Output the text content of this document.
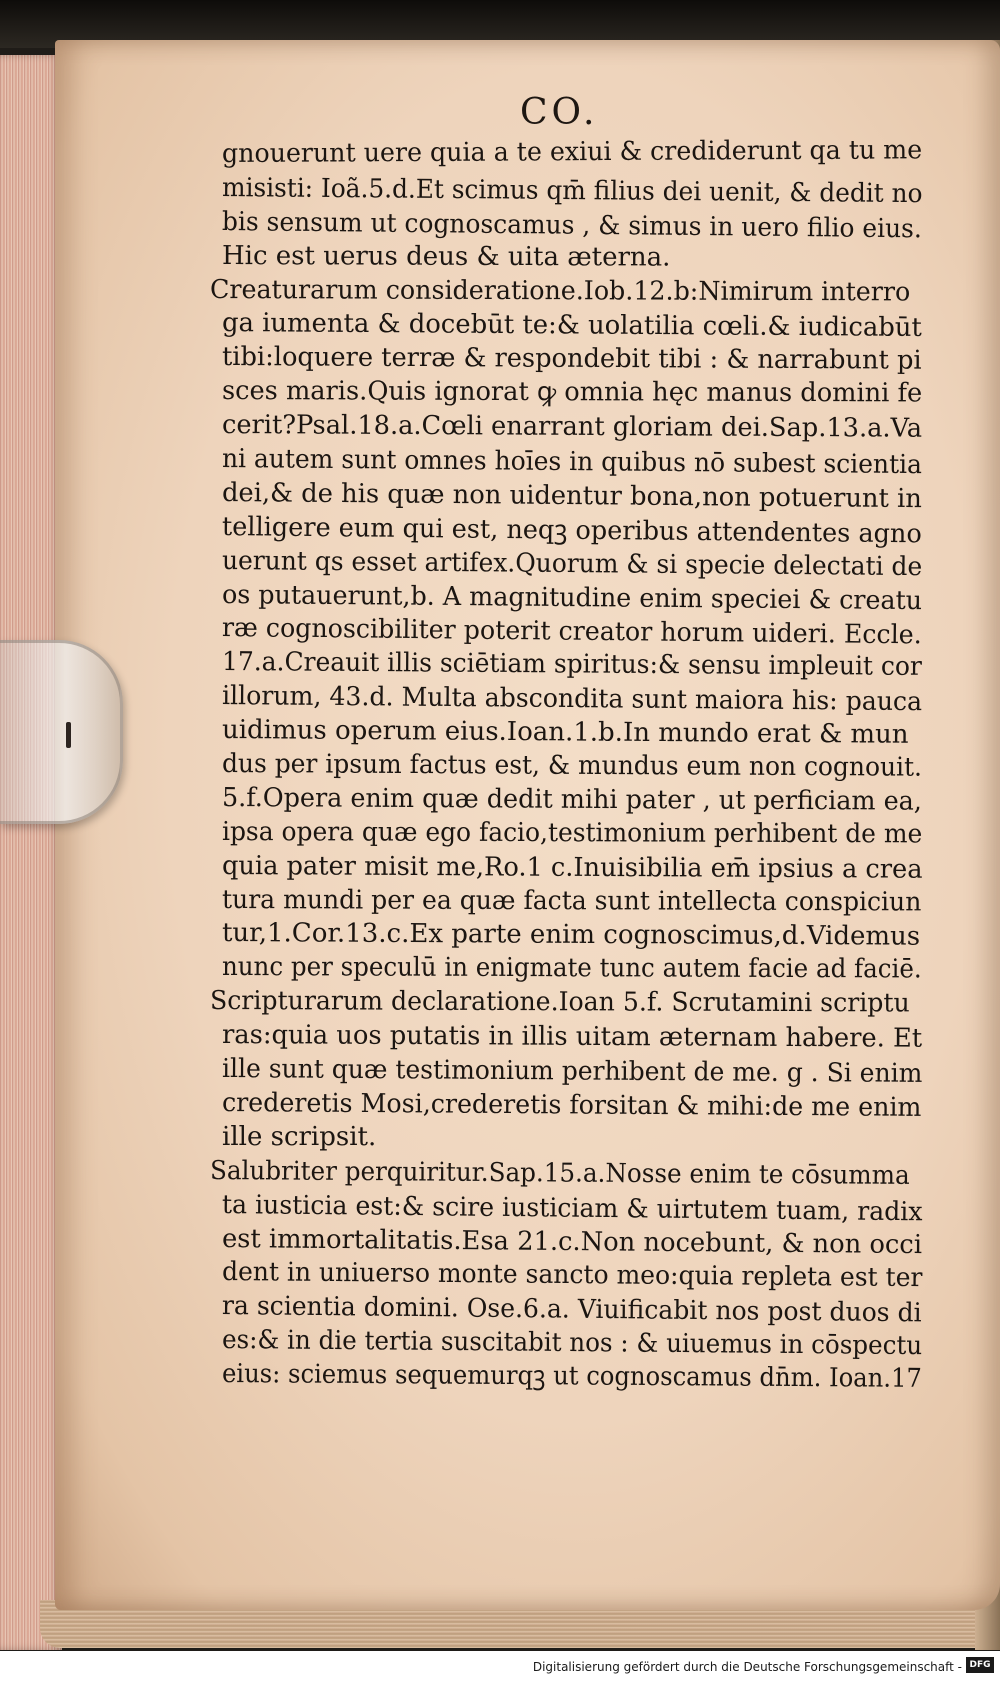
CO.
gnouerunt uere quia a te exiui & crediderunt qa tu me
misisti: Ioã.5.d.Et scimus qm̄ filius dei uenit, & dedit no
bis sensum ut cognoscamus , & simus in uero filio eius.
Hic est uerus deus & uita æterna.
Creaturarum consideratione.Iob.12.b:Nimirum interro
ga iumenta & docebūt te:& uolatilia cœli.& iudicabūt
tibi:loquere terræ & respondebit tibi : & narrabunt pi
sces maris.Quis ignorat ꝙ omnia hęc manus domini fe
cerit?Psal.18.a.Cœli enarrant gloriam dei.Sap.13.a.Va
ni autem sunt omnes hoīes in quibus nō subest scientia
dei,& de his quæ non uidentur bona,non potuerunt in
telligere eum qui est, neqꝫ operibus attendentes agno
uerunt qs esset artifex.Quorum & si specie delectati de
os putauerunt,b. A magnitudine enim speciei & creatu
ræ cognoscibiliter poterit creator horum uideri. Eccle.
17.a.Creauit illis sciētiam spiritus:& sensu impleuit cor
illorum, 43.d. Multa abscondita sunt maiora his: pauca
uidimus operum eius.Ioan.1.b.In mundo erat & mun
dus per ipsum factus est, & mundus eum non cognouit.
5.f.Opera enim quæ dedit mihi pater , ut perficiam ea,
ipsa opera quæ ego facio,testimonium perhibent de me
quia pater misit me,Ro.1 c.Inuisibilia em̄ ipsius a crea
tura mundi per ea quæ facta sunt intellecta conspiciun
tur,1.Cor.13.c.Ex parte enim cognoscimus,d.Videmus
nunc per speculū in enigmate tunc autem facie ad faciē.
Scripturarum declaratione.Ioan 5.f. Scrutamini scriptu
ras:quia uos putatis in illis uitam æternam habere. Et
ille sunt quæ testimonium perhibent de me. g . Si enim
crederetis Mosi,crederetis forsitan & mihi:de me enim
ille scripsit.
Salubriter perquiritur.Sap.15.a.Nosse enim te cōsumma
ta iusticia est:& scire iusticiam & uirtutem tuam, radix
est immortalitatis.Esa 21.c.Non nocebunt, & non occi
dent in uniuerso monte sancto meo:quia repleta est ter
ra scientia domini. Ose.6.a. Viuificabit nos post duos di
es:& in die tertia suscitabit nos : & uiuemus in cōspectu
eius: sciemus sequemurqꝫ ut cognoscamus dn̄m. Ioan.17
Digitalisierung gefördert durch die Deutsche Forschungsgemeinschaft - DFG
